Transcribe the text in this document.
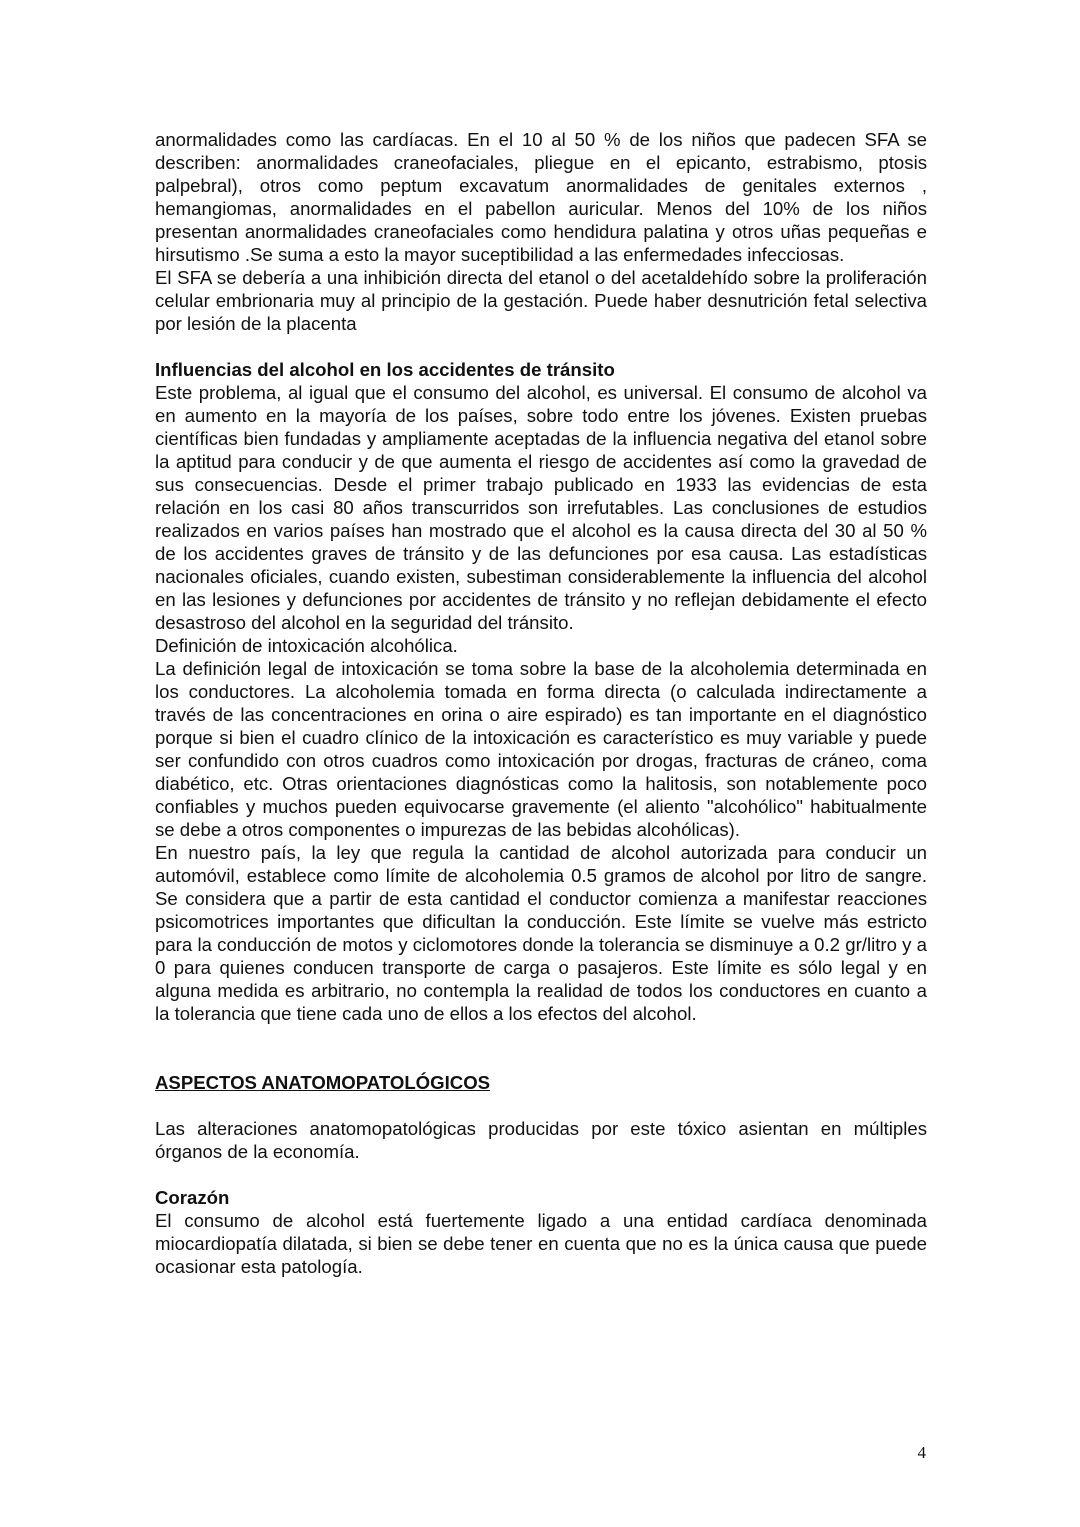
anormalidades como las cardíacas. En el 10 al 50 % de los niños que padecen SFA se describen: anormalidades craneofaciales, pliegue en el epicanto, estrabismo, ptosis palpebral), otros como peptum excavatum anormalidades de genitales externos , hemangiomas, anormalidades en el pabellon auricular. Menos del 10% de los niños presentan anormalidades craneofaciales como hendidura palatina y otros uñas pequeñas e hirsutismo .Se suma a esto la mayor suceptibilidad a las enfermedades infecciosas.

El SFA se debería a una inhibición directa del etanol o del acetaldehído sobre la proliferación celular embrionaria muy al principio de la gestación. Puede haber desnutrición fetal selectiva por lesión de la placenta

Influencias del alcohol en los accidentes de tránsito

Este problema, al igual que el consumo del alcohol, es universal. El consumo de alcohol va en aumento en la mayoría de los países, sobre todo entre los jóvenes. Existen pruebas científicas bien fundadas y ampliamente aceptadas de la influencia negativa del etanol sobre la aptitud para conducir y de que aumenta el riesgo de accidentes así como la gravedad de sus consecuencias. Desde el primer trabajo publicado en 1933 las evidencias de esta relación en los casi 80 años transcurridos son irrefutables. Las conclusiones de estudios realizados en varios países han mostrado que el alcohol es la causa directa del 30 al 50 % de los accidentes graves de tránsito y de las defunciones por esa causa. Las estadísticas nacionales oficiales, cuando existen, subestiman considerablemente la influencia del alcohol en las lesiones y defunciones por accidentes de tránsito y no reflejan debidamente el efecto desastroso del alcohol en la seguridad del tránsito.

Definición de intoxicación alcohólica.

La definición legal de intoxicación se toma sobre la base de la alcoholemia determinada en los conductores. La alcoholemia tomada en forma directa (o calculada indirectamente a través de las concentraciones en orina o aire espirado) es tan importante en el diagnóstico porque si bien el cuadro clínico de la intoxicación es característico es muy variable y puede ser confundido con otros cuadros como intoxicación por drogas, fracturas de cráneo, coma diabético, etc. Otras orientaciones diagnósticas como la halitosis, son notablemente poco confiables y muchos pueden equivocarse gravemente (el aliento "alcohólico" habitualmente se debe a otros componentes o impurezas de las bebidas alcohólicas).

En nuestro país, la ley que regula la cantidad de alcohol autorizada para conducir un automóvil, establece como límite de alcoholemia 0.5 gramos de alcohol por litro de sangre. Se considera que a partir de esta cantidad el conductor comienza a manifestar reacciones psicomotrices importantes que dificultan la conducción. Este límite se vuelve más estricto para la conducción de motos y ciclomotores donde la tolerancia se disminuye a 0.2 gr/litro y a 0 para quienes conducen transporte de carga o pasajeros. Este límite es sólo legal y en alguna medida es arbitrario, no contempla la realidad de todos los conductores en cuanto a la tolerancia que tiene cada uno de ellos a los efectos del alcohol.

ASPECTOS ANATOMOPATOLÓGICOS

Las alteraciones anatomopatológicas producidas por este tóxico asientan en múltiples órganos de la economía.

Corazón

El consumo de alcohol está fuertemente ligado a una entidad cardíaca denominada miocardiopatía dilatada, si bien se debe tener en cuenta que no es la única causa que puede ocasionar esta patología.

4
